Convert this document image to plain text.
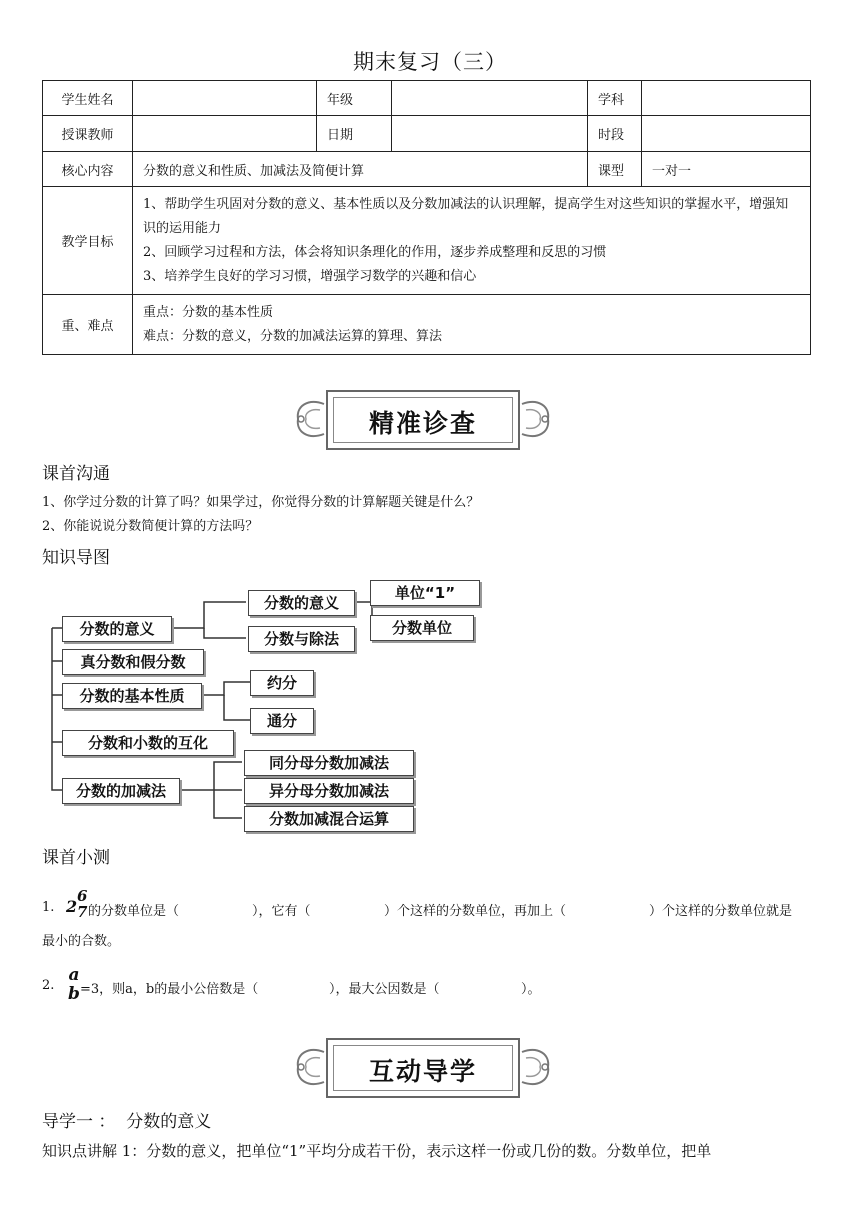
期末复习（三）
学生姓名		年级		学科	
授课教师		日期		时段	
核心内容	分数的意义和性质、加减法及简便计算			课型	一对一
教学目标	1、帮助学生巩固对分数的意义、基本性质以及分数加减法的认识理解，提高学生对这些知识的掌握水平，增强知识的运用能力

2、回顾学习过程和方法，体会将知识条理化的作用，逐步养成整理和反思的习惯

3、培养学生良好的学习习惯，增强学习数学的兴趣和信心				

重、难点	重点：分数的基本性质

难点：分数的意义，分数的加减法运算的算理、算法				

精准诊查
课首沟通
1、你学过分数的计算了吗？如果学过，你觉得分数的计算解题关键是什么？
2、你能说说分数简便计算的方法吗？
知识导图
分数的意义
真分数和假分数
分数的基本性质
分数和小数的互化
分数的加减法
分数的意义
分数与除法
单位“1”
分数单位
约分
通分
同分母分数加减法
异分母分数加减法
分数加减混合运算
课首小测
1. 2
6
7 的分数单位是（	），它有（	）个这样的分数单位，再加上（	）个这样的分数单位就是
最小的合数。
2.
a
b =3，则a，b的最小公倍数是（	），最大公因数是（	）。
互动导学
导学一 ：  分数的意义
知识点讲解 1：分数的意义，把单位“1”平均分成若干份，表示这样一份或几份的数。分数单位，把单
